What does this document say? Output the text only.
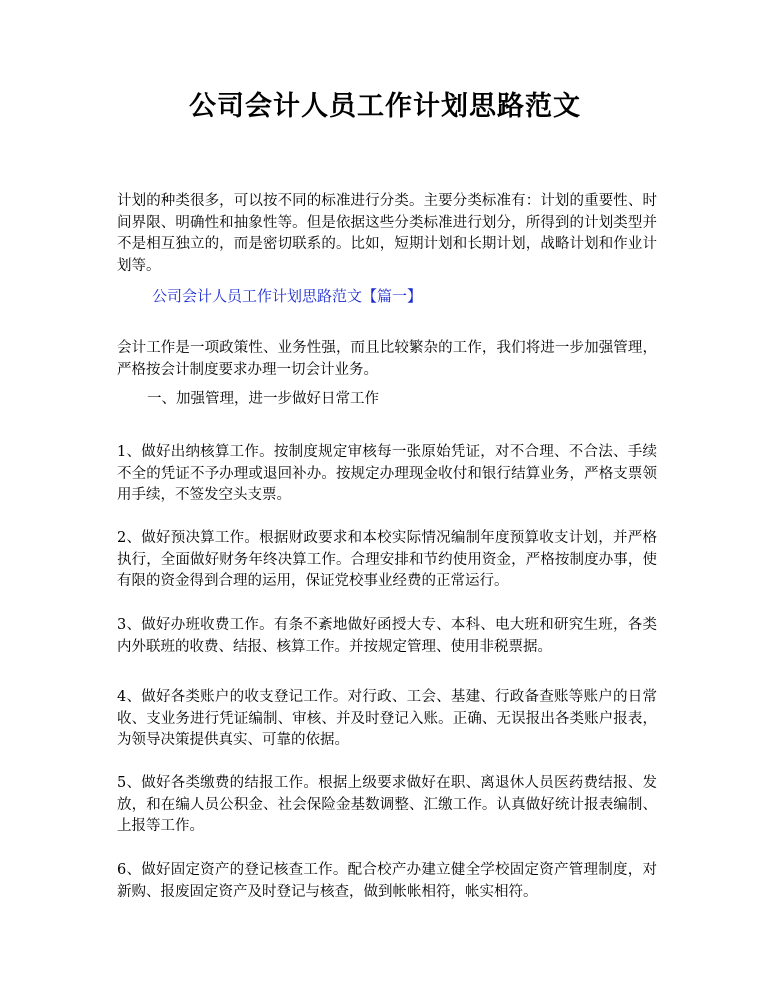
公司会计人员工作计划思路范文

计划的种类很多，可以按不同的标准进行分类。主要分类标准有：计划的重要性、时间界限、明确性和抽象性等。但是依据这些分类标准进行划分，所得到的计划类型并不是相互独立的，而是密切联系的。比如，短期计划和长期计划，战略计划和作业计划等。

公司会计人员工作计划思路范文【篇一】

会计工作是一项政策性、业务性强，而且比较繁杂的工作，我们将进一步加强管理，严格按会计制度要求办理一切会计业务。

一、加强管理，进一步做好日常工作

1、做好出纳核算工作。按制度规定审核每一张原始凭证，对不合理、不合法、手续不全的凭证不予办理或退回补办。按规定办理现金收付和银行结算业务，严格支票领用手续，不签发空头支票。

2、做好预决算工作。根据财政要求和本校实际情况编制年度预算收支计划，并严格执行，全面做好财务年终决算工作。合理安排和节约使用资金，严格按制度办事，使有限的资金得到合理的运用，保证党校事业经费的正常运行。

3、做好办班收费工作。有条不紊地做好函授大专、本科、电大班和研究生班，各类内外联班的收费、结报、核算工作。并按规定管理、使用非税票据。

4、做好各类账户的收支登记工作。对行政、工会、基建、行政备查账等账户的日常收、支业务进行凭证编制、审核、并及时登记入账。正确、无误报出各类账户报表，为领导决策提供真实、可靠的依据。

5、做好各类缴费的结报工作。根据上级要求做好在职、离退休人员医药费结报、发放，和在编人员公积金、社会保险金基数调整、汇缴工作。认真做好统计报表编制、上报等工作。

6、做好固定资产的登记核查工作。配合校产办建立健全学校固定资产管理制度，对新购、报废固定资产及时登记与核查，做到帐帐相符，帐实相符。
